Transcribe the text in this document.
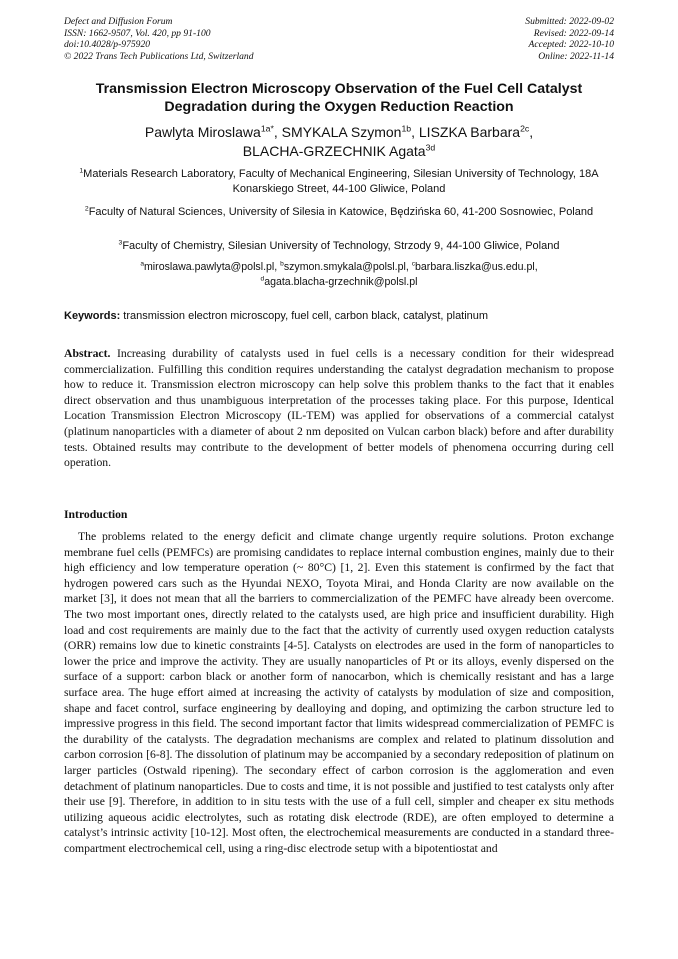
Defect and Diffusion Forum
ISSN: 1662-9507, Vol. 420, pp 91-100
doi:10.4028/p-975920
© 2022 Trans Tech Publications Ltd, Switzerland
Submitted: 2022-09-02
Revised: 2022-09-14
Accepted: 2022-10-10
Online: 2022-11-14
Transmission Electron Microscopy Observation of the Fuel Cell Catalyst
Degradation during the Oxygen Reduction Reaction
Pawlyta Miroslawa$^{1a*}$, SMYKALA Szymon$^{1b}$, LISZKA Barbara$^{2c}$,
BLACHA-GRZECHNIK Agata$^{3d}$
$^1$Materials Research Laboratory, Faculty of Mechanical Engineering, Silesian University of Technology, 18A Konarskiego Street, 44-100 Gliwice, Poland
$^2$Faculty of Natural Sciences, University of Silesia in Katowice, Będzińska 60, 41-200 Sosnowiec, Poland
$^3$Faculty of Chemistry, Silesian University of Technology, Strzody 9, 44-100 Gliwice, Poland
$^a$miroslawa.pawlyta@polsl.pl, $^b$szymon.smykala@polsl.pl, $^c$barbara.liszka@us.edu.pl,
$^d$agata.blacha-grzechnik@polsl.pl
Keywords: transmission electron microscopy, fuel cell, carbon black, catalyst, platinum
Abstract. Increasing durability of catalysts used in fuel cells is a necessary condition for their widespread commercialization. Fulfilling this condition requires understanding the catalyst degradation mechanism to propose how to reduce it. Transmission electron microscopy can help solve this problem thanks to the fact that it enables direct observation and thus unambiguous interpretation of the processes taking place. For this purpose, Identical Location Transmission Electron Microscopy (IL-TEM) was applied for observations of a commercial catalyst (platinum nanoparticles with a diameter of about 2 nm deposited on Vulcan carbon black) before and after durability tests. Obtained results may contribute to the development of better models of phenomena occurring during cell operation.
Introduction
The problems related to the energy deficit and climate change urgently require solutions. Proton exchange membrane fuel cells (PEMFCs) are promising candidates to replace internal combustion engines, mainly due to their high efficiency and low temperature operation (~ 80°C) [1, 2]. Even this statement is confirmed by the fact that hydrogen powered cars such as the Hyundai NEXO, Toyota Mirai, and Honda Clarity are now available on the market [3], it does not mean that all the barriers to commercialization of the PEMFC have already been overcome. The two most important ones, directly related to the catalysts used, are high price and insufficient durability. High load and cost requirements are mainly due to the fact that the activity of currently used oxygen reduction catalysts (ORR) remains low due to kinetic constraints [4-5]. Catalysts on electrodes are used in the form of nanoparticles to lower the price and improve the activity. They are usually nanoparticles of Pt or its alloys, evenly dispersed on the surface of a support: carbon black or another form of nanocarbon, which is chemically resistant and has a large surface area. The huge effort aimed at increasing the activity of catalysts by modulation of size and composition, shape and facet control, surface engineering by dealloying and doping, and optimizing the carbon structure led to impressive progress in this field. The second important factor that limits widespread commercialization of PEMFC is the durability of the catalysts. The degradation mechanisms are complex and related to platinum dissolution and carbon corrosion [6-8]. The dissolution of platinum may be accompanied by a secondary redeposition of platinum on larger particles (Ostwald ripening). The secondary effect of carbon corrosion is the agglomeration and even detachment of platinum nanoparticles. Due to costs and time, it is not possible and justified to test catalysts only after their use [9]. Therefore, in addition to in situ tests with the use of a full cell, simpler and cheaper ex situ methods utilizing aqueous acidic electrolytes, such as rotating disk electrode (RDE), are often employed to determine a catalyst’s intrinsic activity [10-12]. Most often, the electrochemical measurements are conducted in a standard three-compartment electrochemical cell, using a ring-disc electrode setup with a bipotentiostat and
